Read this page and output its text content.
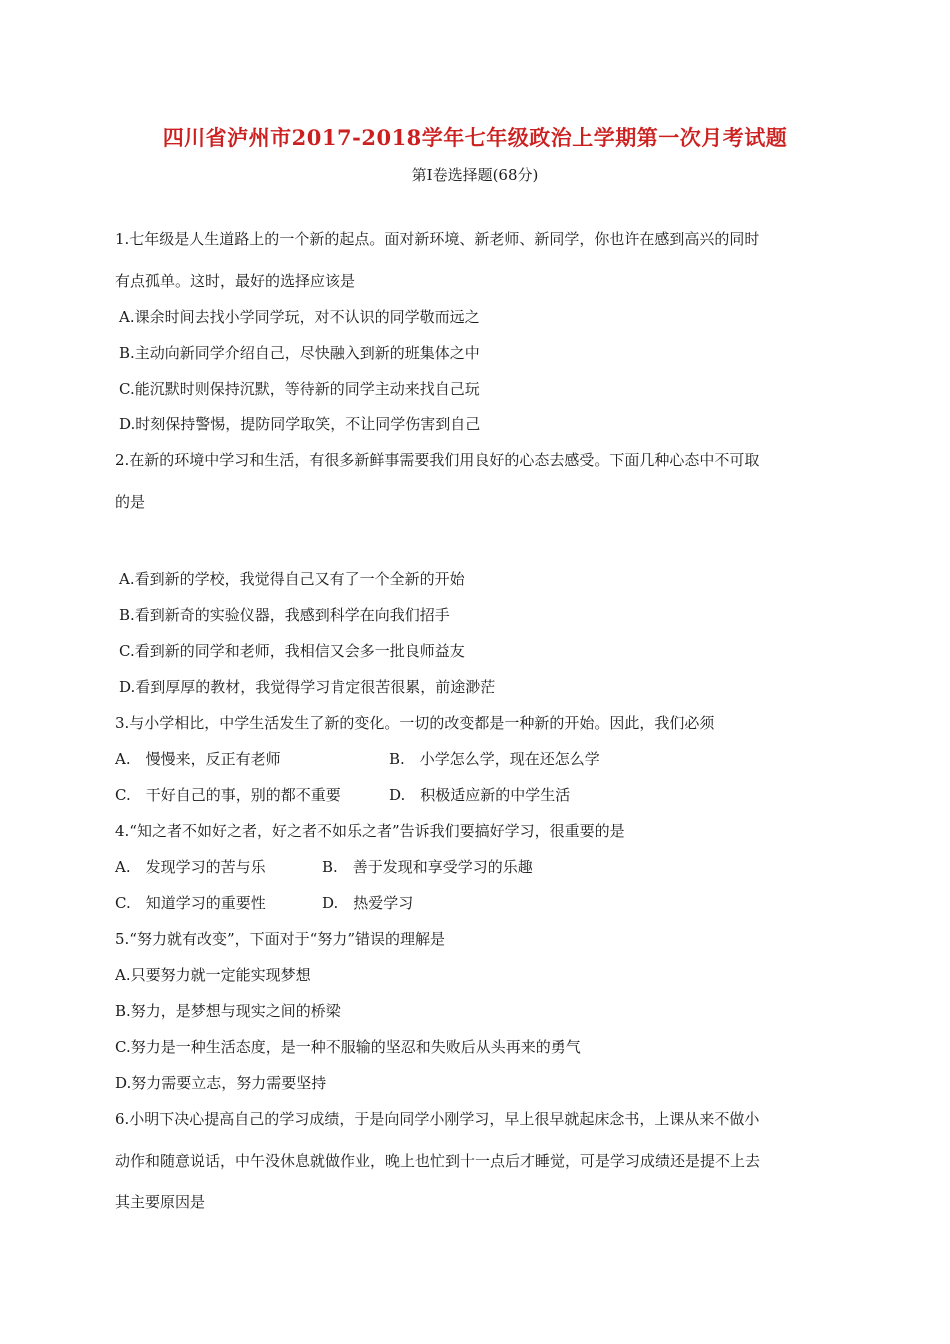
四川省泸州市2017-2018学年七年级政治上学期第一次月考试题
第Ⅰ卷选择题(68分)
1.七年级是人生道路上的一个新的起点。面对新环境、新老师、新同学，你也许在感到高兴的同时
有点孤单。这时，最好的选择应该是
A.课余时间去找小学同学玩，对不认识的同学敬而远之
B.主动向新同学介绍自己，尽快融入到新的班集体之中
C.能沉默时则保持沉默，等待新的同学主动来找自己玩
D.时刻保持警惕，提防同学取笑，不让同学伤害到自己
2.在新的环境中学习和生活，有很多新鲜事需要我们用良好的心态去感受。下面几种心态中不可取
的是
A.看到新的学校，我觉得自己又有了一个全新的开始
B.看到新奇的实验仪器，我感到科学在向我们招手
C.看到新的同学和老师，我相信又会多一批良师益友
D.看到厚厚的教材，我觉得学习肯定很苦很累，前途渺茫
3.与小学相比，中学生活发生了新的变化。一切的改变都是一种新的开始。因此，我们必须
A.　慢慢来，反正有老师	B.　小学怎么学，现在还怎么学
C.　干好自己的事，别的都不重要	D.　积极适应新的中学生活
4.“知之者不如好之者，好之者不如乐之者”告诉我们要搞好学习，很重要的是
A.　发现学习的苦与乐	B.　善于发现和享受学习的乐趣
C.　知道学习的重要性	D.　热爱学习
5.“努力就有改变”，下面对于“努力”错误的理解是
A.只要努力就一定能实现梦想
B.努力，是梦想与现实之间的桥梁
C.努力是一种生活态度，是一种不服输的坚忍和失败后从头再来的勇气
D.努力需要立志，努力需要坚持
6.小明下决心提高自己的学习成绩，于是向同学小刚学习，早上很早就起床念书，上课从来不做小
动作和随意说话，中午没休息就做作业，晚上也忙到十一点后才睡觉，可是学习成绩还是提不上去
其主要原因是
